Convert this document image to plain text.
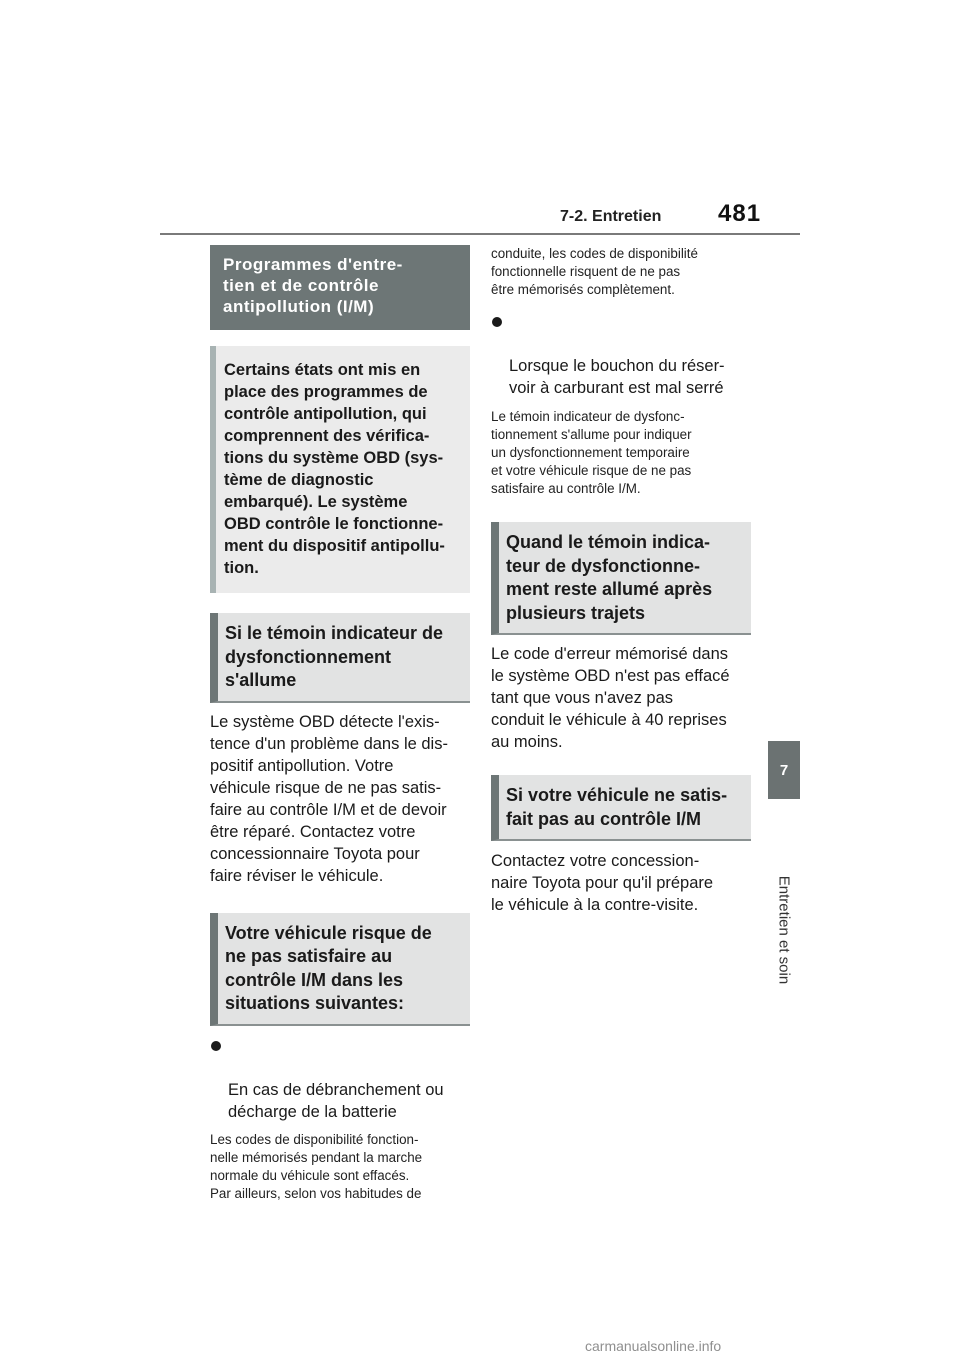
7-2. Entretien 481
7
Entretien et soin
Programmes d'entre-
tien et de contrôle
antipollution (I/M)
Certains états ont mis en
place des programmes de
contrôle antipollution, qui
comprennent des vérifica-
tions du système OBD (sys-
tème de diagnostic
embarqué). Le système
OBD contrôle le fonctionne-
ment du dispositif antipollu-
tion.
Si le témoin indicateur de
dysfonctionnement
s'allume
Le système OBD détecte l'exis-
tence d'un problème dans le dis-
positif antipollution. Votre
véhicule risque de ne pas satis-
faire au contrôle I/M et de devoir
être réparé. Contactez votre
concessionnaire Toyota pour
faire réviser le véhicule.
Votre véhicule risque de
ne pas satisfaire au
contrôle I/M dans les
situations suivantes:

En cas de débranchement ou
décharge de la batterie

Les codes de disponibilité fonction-
nelle mémorisés pendant la marche
normale du véhicule sont effacés.
Par ailleurs, selon vos habitudes de
conduite, les codes de disponibilité
fonctionnelle risquent de ne pas
être mémorisés complètement.

Lorsque le bouchon du réser-
voir à carburant est mal serré

Le témoin indicateur de dysfonc-
tionnement s'allume pour indiquer
un dysfonctionnement temporaire
et votre véhicule risque de ne pas
satisfaire au contrôle I/M.
Quand le témoin indica-
teur de dysfonctionne-
ment reste allumé après
plusieurs trajets
Le code d'erreur mémorisé dans
le système OBD n'est pas effacé
tant que vous n'avez pas
conduit le véhicule à 40 reprises
au moins.
Si votre véhicule ne satis-
fait pas au contrôle I/M
Contactez votre concession-
naire Toyota pour qu'il prépare
le véhicule à la contre-visite.
carmanualsonline.info
